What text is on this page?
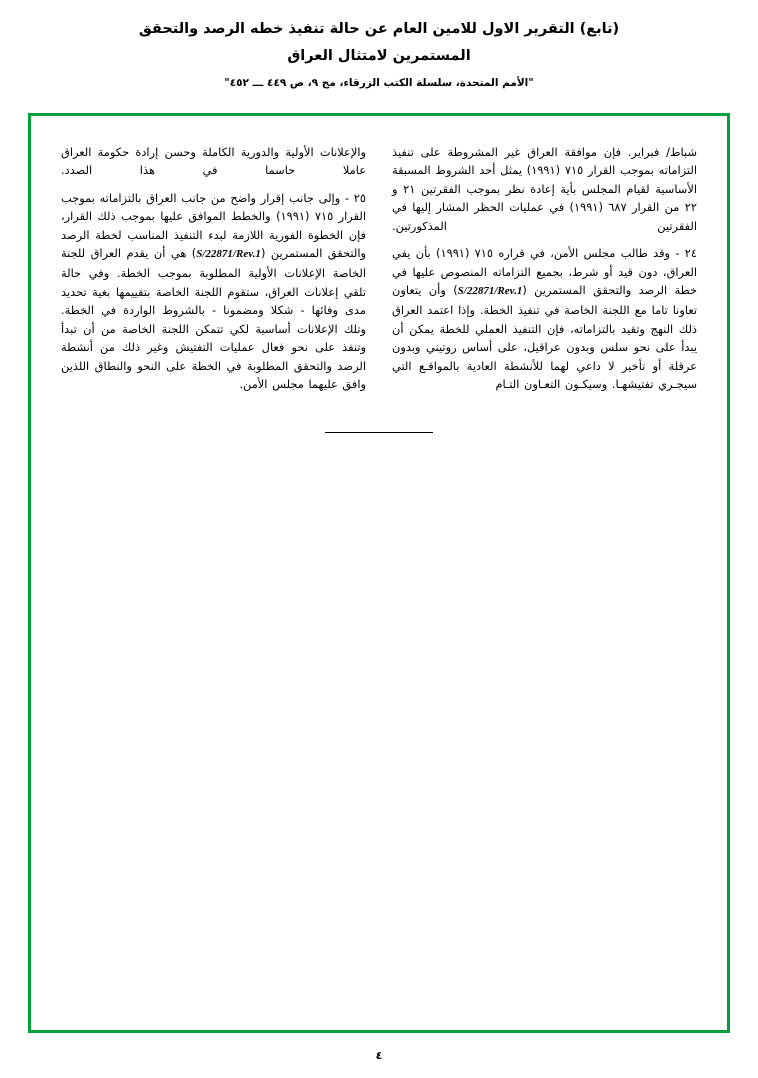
(تابع) التقرير الاول للامين العام عن حالة تنفيذ خطه الرصد والتحقق
المستمرين لامتثال العراق
"الأمم المتحدة، سلسلة الكتب الزرقاء، مج ٩، ص ٤٤٩ ـــ ٤٥٢"

شباط/ فبراير. فإن موافقة العراق غير المشروطة على تنفيذ التزاماته بموجب القرار ٧١٥ (١٩٩١) يمثل أحد الشروط المسبقة الأساسية لقيام المجلس بأية إعادة نظر بموجب الفقرتين ٢١ و ٢٢ من القرار ٦٨٧ (١٩٩١) في عمليات الحظر المشار إليها في الفقرتين المذكورتين.

٢٤ - وقد طالب مجلس الأمن، في قراره ٧١٥ (١٩٩١) بأن يفي العراق، دون قيد أو شرط، بجميع التزاماته المنصوص عليها في خطة الرصد والتحقق المستمرين (S/22871/Rev.1) وأن يتعاون تعاونا تاما مع اللجنة الخاصة في تنفيذ الخطة. وإذا اعتمد العراق ذلك النهج وتقيد بالتزاماته، فإن التنفيذ العملي للخطة يمكن أن يبدأ على نحو سلس وبدون عراقيل، على أساس روتيني وبدون عرقلة أو تأخير لا داعي لهما للأنشطة العادية بالمواقـع التي سيجـري تفتيشهـا. وسيكـون التعـاون التـام

والإعلانات الأولية والدورية الكاملة وحسن إرادة حكومة العراق عاملا حاسما في هذا الصدد.

٢٥ - وإلى جانب إقرار واضح من جانب العراق بالتزاماته بموجب القرار ٧١٥ (١٩٩١) والخطط الموافق عليها بموجب ذلك القرار، فإن الخطوة الفورية اللازمة لبدء التنفيذ المناسب لخطة الرصد والتحقق المستمرين (S/22871/Rev.1) هي أن يقدم العراق للجنة الخاصة الإعلانات الأولية المطلوبة بموجب الخطة. وفي حالة تلقي إعلانات العراق، ستقوم اللجنة الخاصة بتقييمها بغية تحديد مدى وفائها - شكلا ومضمونا - بالشروط الواردة في الخطة. وتلك الإعلانات أساسية لكي تتمكن اللجنة الخاصة من أن تبدأ وتنفذ على نحو فعال عمليات التفتيش وغير ذلك من أنشطة الرصد والتحقق المطلوبة في الخطة على النحو والنطاق اللذين وافق عليهما مجلس الأمن.

٤
